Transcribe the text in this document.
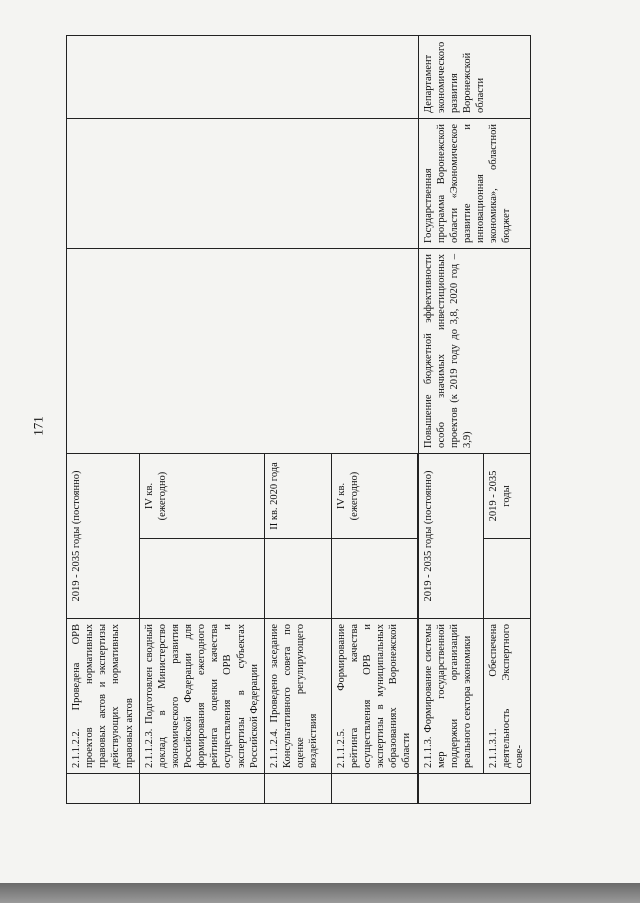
171
	2.1.1.2.2. Проведена ОРВ проектов нормативных правовых актов и экспертизы действующих нормативных правовых актов	2019 - 2035 годы (постоянно)				
	2.1.1.2.3. Подготовлен сводный доклад в Министерство экономического развития Российской Федерации для формирования ежегодного рейтинга оценки качества осуществления ОРВ и экспертизы в субъектах Российской Федерации		IV кв. (ежегодно)			
	2.1.1.2.4. Проведено заседание Консультативного совета по оценке регулирующего воздействия		II кв. 2020 года			
	2.1.1.2.5. Формирование рейтинга качества осуществления ОРВ и экспертизы в муниципальных образованиях Воронежской области		IV кв. (ежегодно)			

	2.1.1.3. Формирование системы мер государственной поддержки организаций реального сектора экономики	2019 - 2035 годы (постоянно)		Повышение бюджетной эффективности особо значимых инвестиционных проектов (к 2019 году до 3,8, 2020 год – 3,9)	Государственная программа Воронежской области «Экономическое развитие и инновационная экономика», областной бюджет	Департамент экономического развития Воронежской области
	2.1.1.3.1. Обеспечена деятельность Экспертного сове-		2019 - 2035 годы			
